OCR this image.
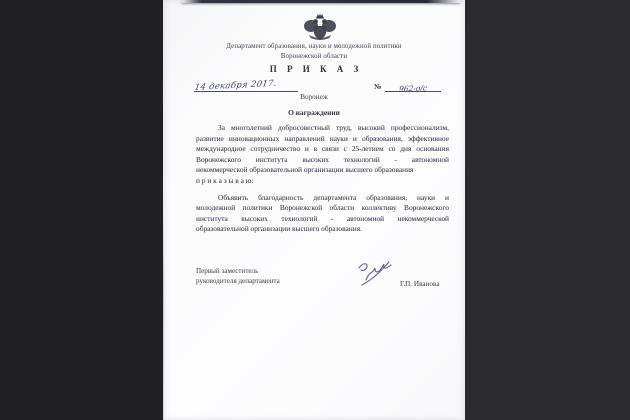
Департамент образования, науки и молодежной политики
Воронежской области
П Р И К А З
14 декабря 2017.	№	962-о/с
Воронеж
О награждении
За многолетний добросовестный труд, высокий профессионализм,
развитие инновационных направлений науки и образования, эффективное
международное сотрудничество и в связи с 25-летием со дня основания
Воронежского института высоких технологий - автономной
некоммерческой образовательной организации высшего образования
п р и к а з ы в а ю:
Объявить благодарность департамента образования, науки и
молодежной политики Воронежской области коллективу Воронежского
института высоких технологий - автономной некоммерческой
образовательной организации высшего образования.
Первый заместитель
руководителя департамента	Г.П. Иванова
